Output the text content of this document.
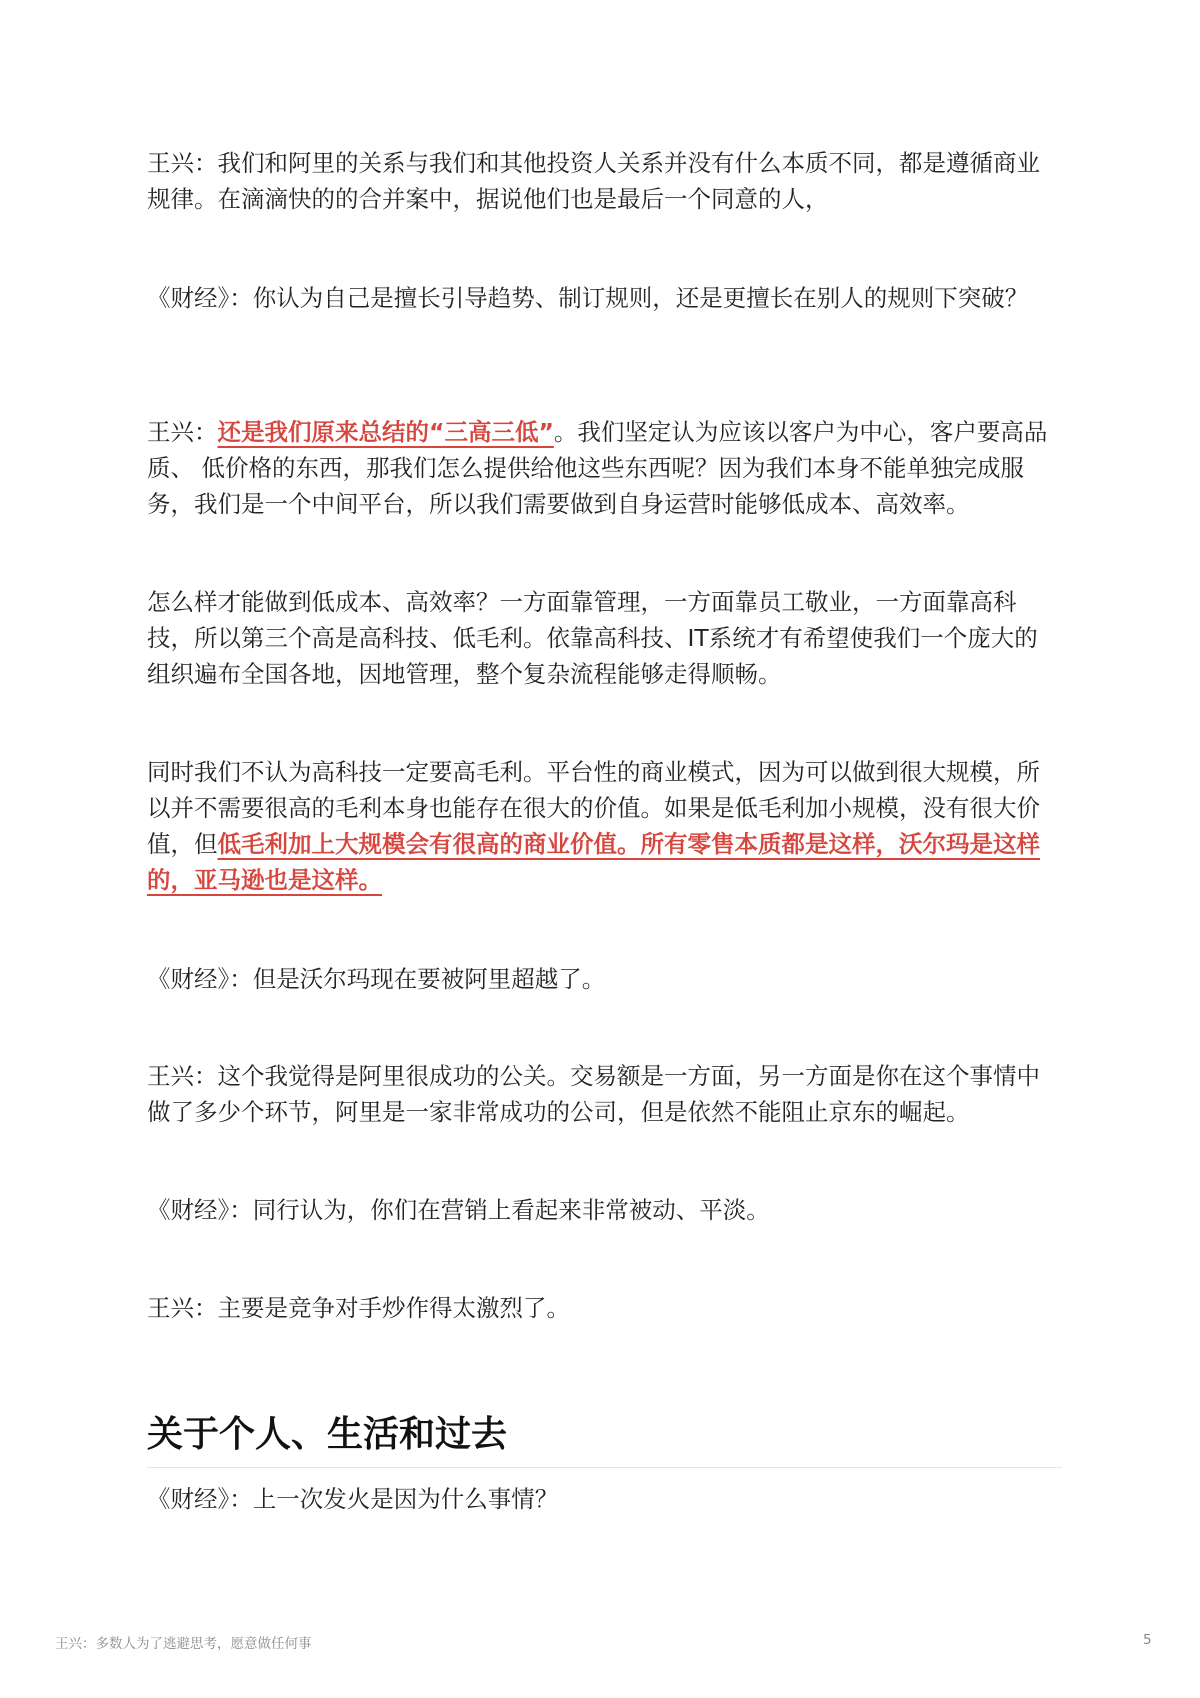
王兴：我们和阿里的关系与我们和其他投资人关系并没有什么本质不同，都是遵循商业规律。在滴滴快的的合并案中，据说他们也是最后一个同意的人，

《财经》：你认为自己是擅长引导趋势、制订规则，还是更擅长在别人的规则下突破？

王兴：还是我们原来总结的“三高三低”。我们坚定认为应该以客户为中心，客户要高品质、 低价格的东西，那我们怎么提供给他这些东西呢？因为我们本身不能单独完成服务，我们是一个中间平台，所以我们需要做到自身运营时能够低成本、高效率。

怎么样才能做到低成本、高效率？一方面靠管理，一方面靠员工敬业，一方面靠高科技，所以第三个高是高科技、低毛利。依靠高科技、IT系统才有希望使我们一个庞大的组织遍布全国各地，因地管理，整个复杂流程能够走得顺畅。

同时我们不认为高科技一定要高毛利。平台性的商业模式，因为可以做到很大规模，所以并不需要很高的毛利本身也能存在很大的价值。如果是低毛利加小规模，没有很大价值，但低毛利加上大规模会有很高的商业价值。所有零售本质都是这样，沃尔玛是这样的，亚马逊也是这样。

《财经》：但是沃尔玛现在要被阿里超越了。

王兴：这个我觉得是阿里很成功的公关。交易额是一方面，另一方面是你在这个事情中做了多少个环节，阿里是一家非常成功的公司，但是依然不能阻止京东的崛起。

《财经》：同行认为，你们在营销上看起来非常被动、平淡。

王兴：主要是竞争对手炒作得太激烈了。

关于个人、生活和过去

《财经》：上一次发火是因为什么事情？

王兴：多数人为了逃避思考，愿意做任何事	5
